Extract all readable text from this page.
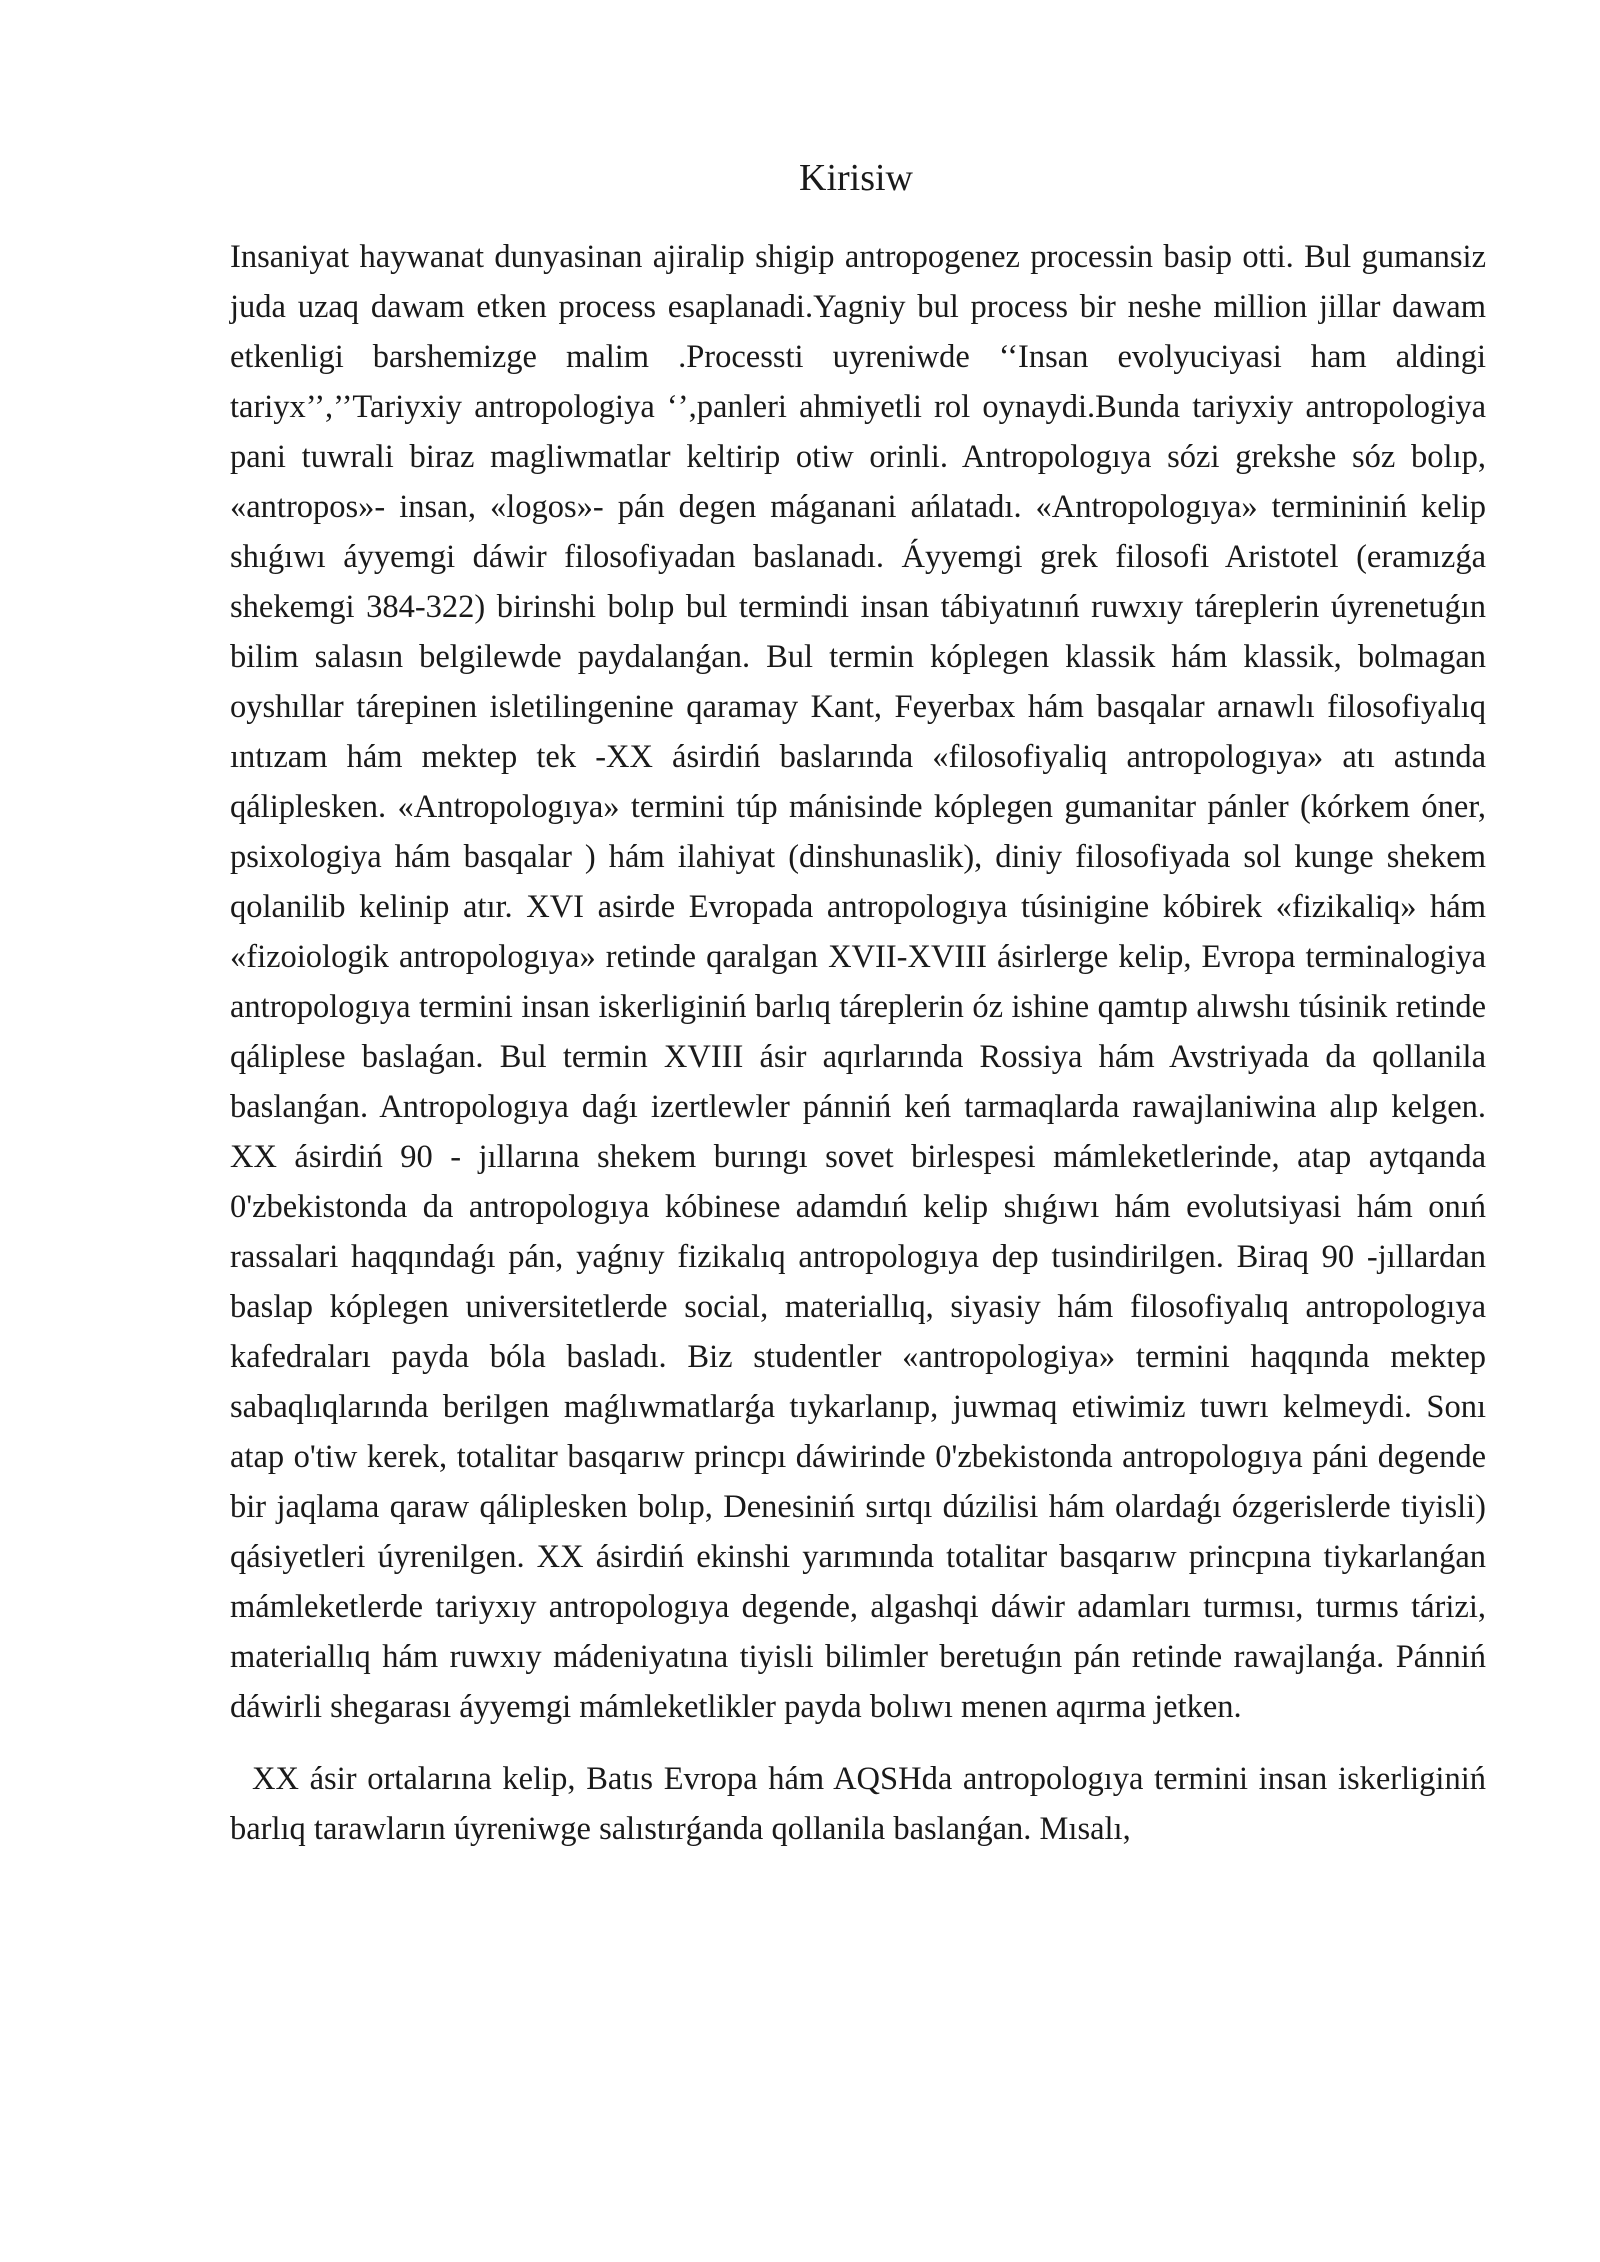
Kirisiw

Insaniyat haywanat dunyasinan ajiralip shigip antropogenez processin basip otti. Bul gumansiz juda uzaq dawam etken process esaplanadi.Yagniy bul process bir neshe million jillar dawam etkenligi barshemizge malim .Processti uyreniwde ‘‘Insan evolyuciyasi ham aldingi tariyx’’,’’Tariyxiy antropologiya ‘’,panleri ahmiyetli rol oynaydi.Bunda tariyxiy antropologiya pani tuwrali biraz magliwmatlar keltirip otiw orinli. Antropologıya sózi grekshe sóz bolıp, «antropos»- insan, «logos»- pán degen máganani ańlatadı. «Antropologıya» termininiń kelip shıǵıwı áyyemgi dáwir filosofiyadan baslanadı. Áyyemgi grek filosofi Aristotel (eramızǵa shekemgi 384-322) birinshi bolıp bul termindi insan tábiyatınıń ruwxıy táreplerin úyrenetuǵın bilim salasın belgilewde paydalanǵan. Bul termin kóplegen klassik hám klassik, bolmagan oyshıllar tárepinen isletilingenine qaramay Kant, Feyerbax hám basqalar arnawlı filosofiyalıq ıntızam hám mektep tek -XX ásirdiń baslarında «filosofiyaliq antropologıya» atı astında qáliplesken. «Antropologıya» termini túp mánisinde kóplegen gumanitar pánler (kórkem óner, psixologiya hám basqalar ) hám ilahiyat (dinshunaslik), diniy filosofiyada sol kunge shekem qolanilib kelinip atır. XVI asirde Evropada antropologıya túsinigine kóbirek «fizikaliq» hám «fizoiologik antropologıya» retinde qaralgan XVII-XVIII ásirlerge kelip, Evropa terminalogiya antropologıya termini insan iskerliginiń barlıq táreplerin óz ishine qamtıp alıwshı túsinik retinde qáliplese baslaǵan. Bul termin XVIII ásir aqırlarında Rossiya hám Avstriyada da qollanila baslanǵan. Antropologıya daǵı izertlewler pánniń keń tarmaqlarda rawajlaniwina alıp kelgen. XX ásirdiń 90 - jıllarına shekem burıngı sovet birlespesi mámleketlerinde, atap aytqanda 0'zbekistonda da antropologıya kóbinese adamdıń kelip shıǵıwı hám evolutsiyasi hám onıń rassalari haqqındaǵı pán, yaǵnıy fizikalıq antropologıya dep tusindirilgen. Biraq 90 -jıllardan baslap kóplegen universitetlerde social, materiallıq, siyasiy hám filosofiyalıq antropologıya kafedraları payda bóla basladı. Biz studentler «antropologiya» termini haqqında mektep sabaqlıqlarında berilgen maǵlıwmatlarǵa tıykarlanıp, juwmaq etiwimiz tuwrı kelmeydi. Sonı atap o'tiw kerek, totalitar basqarıw princpı dáwirinde 0'zbekistonda antropologıya páni degende bir jaqlama qaraw qáliplesken bolıp, Denesiniń sırtqı dúzilisi hám olardaǵı ózgerislerde tiyisli) qásiyetleri úyrenilgen. XX ásirdiń ekinshi yarımında totalitar basqarıw princpına tiykarlanǵan mámleketlerde tariyxıy antropologıya degende, algashqi dáwir adamları turmısı, turmıs tárizi, materiallıq hám ruwxıy mádeniyatına tiyisli bilimler beretuǵın pán retinde rawajlanǵa. Pánniń dáwirli shegarası áyyemgi mámleketlikler payda bolıwı menen aqırma jetken.

XX ásir ortalarına kelip, Batıs Evropa hám AQSHda antropologıya termini insan iskerliginiń barlıq tarawların úyreniwge salıstırǵanda qollanila baslanǵan. Mısalı,
